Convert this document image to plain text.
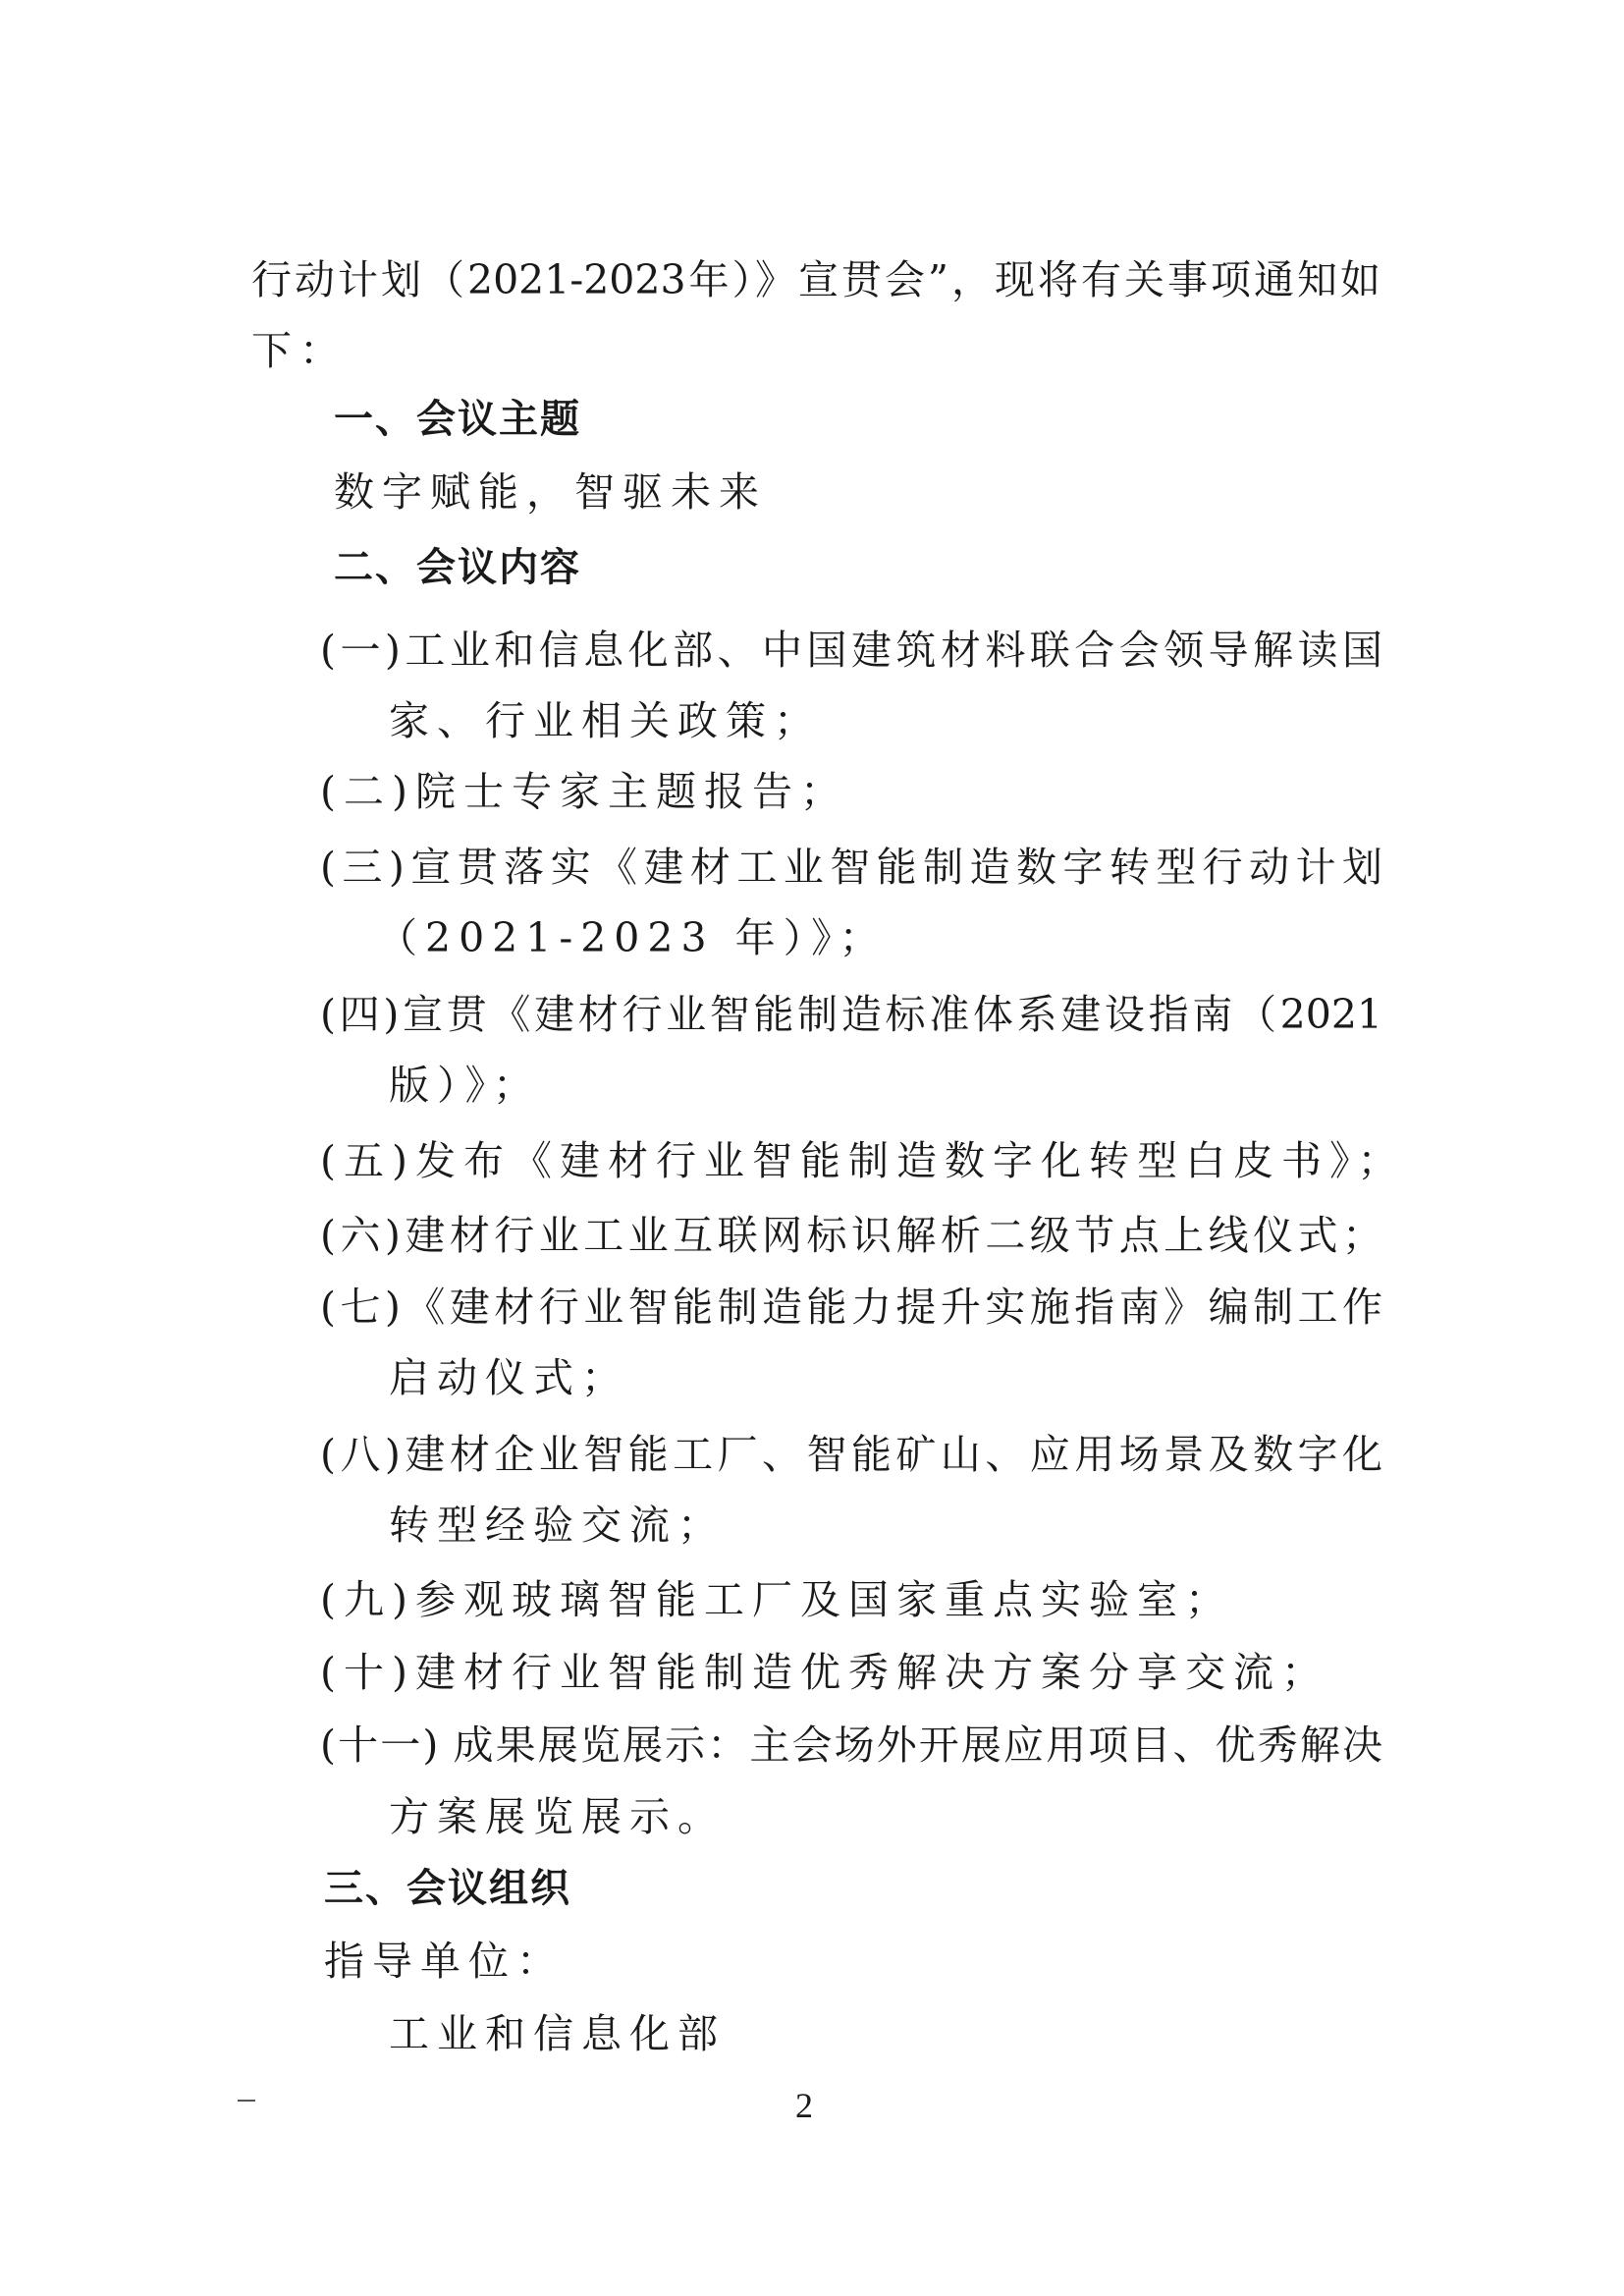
行动计划（2021-2023年）》宣贯会”，现将有关事项通知如
下：
一、会议主题
数字赋能，智驱未来
二、会议内容
(一)工业和信息化部、中国建筑材料联合会领导解读国
家、行业相关政策；
(二)院士专家主题报告；
(三)宣贯落实《建材工业智能制造数字转型行动计划
（2021-2023 年）》；
(四)宣贯《建材行业智能制造标准体系建设指南（2021
版）》；
(五)发布《建材行业智能制造数字化转型白皮书》；
(六)建材行业工业互联网标识解析二级节点上线仪式；
(七)《建材行业智能制造能力提升实施指南》编制工作
启动仪式；
(八)建材企业智能工厂、智能矿山、应用场景及数字化
转型经验交流；
(九)参观玻璃智能工厂及国家重点实验室；
(十)建材行业智能制造优秀解决方案分享交流；
(十一) 成果展览展示：主会场外开展应用项目、优秀解决
方案展览展示。
三、会议组织
指导单位：
工业和信息化部
2
